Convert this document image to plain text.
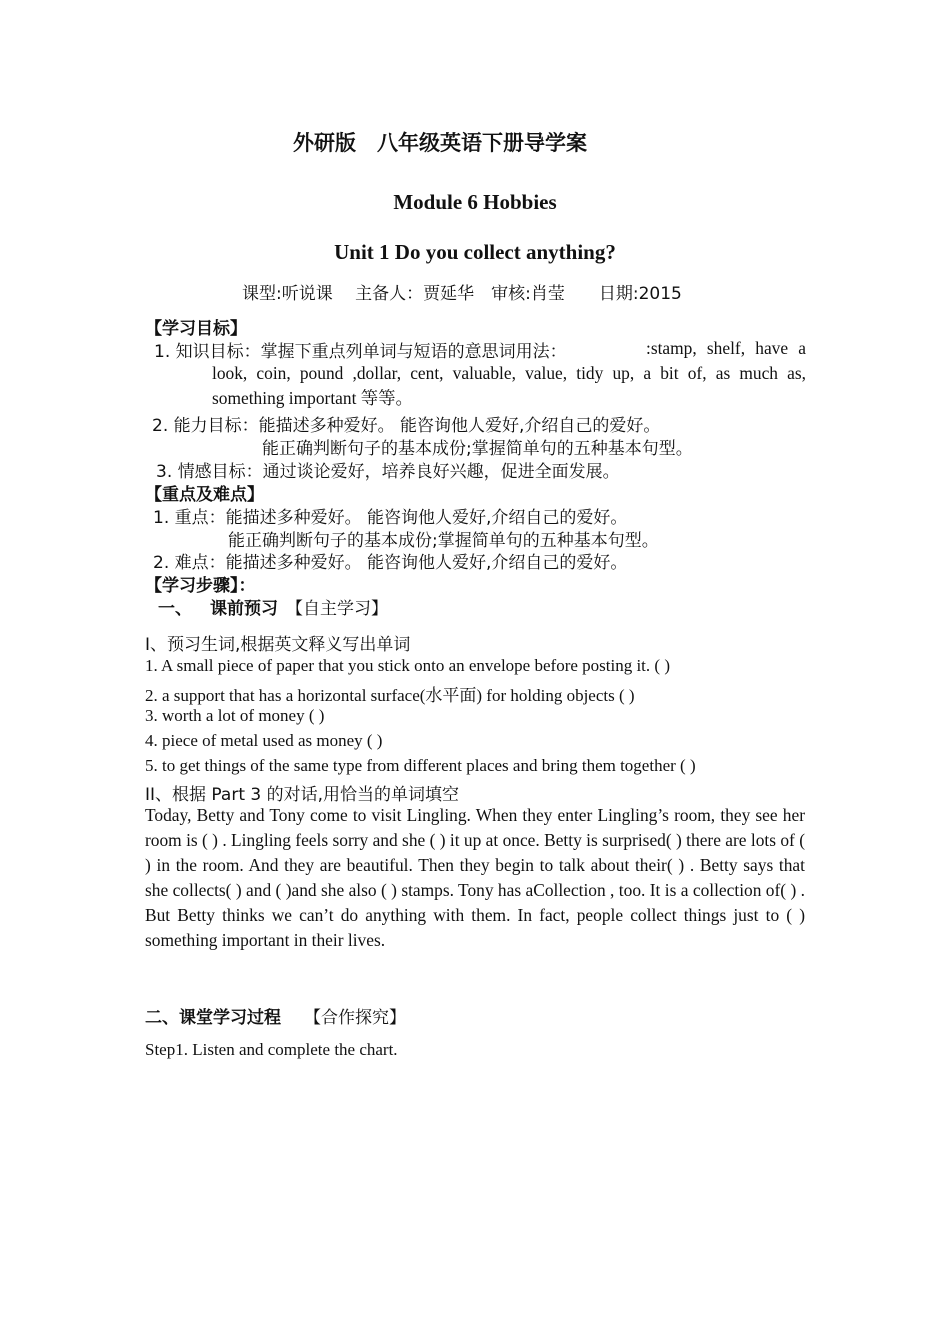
外研版　八年级英语下册导学案
Module 6 Hobbies
Unit 1 Do you collect anything?
课型:听说课　 主备人：贾延华　审核:肖莹　　日期:2015
【学习目标】
1. 知识目标：掌握下重点列单词与短语的意思词用法：	:stamp, shelf, have a look, coin, pound ,dollar, cent, valuable, value, tidy up, a bit of, as much as, something important 等等。
2. 能力目标：能描述多种爱好。 能咨询他人爱好,介绍自己的爱好。
能正确判断句子的基本成份;掌握简单句的五种基本句型。
3. 情感目标：通过谈论爱好，培养良好兴趣，促进全面发展。
【重点及难点】
1. 重点：能描述多种爱好。 能咨询他人爱好,介绍自己的爱好。
能正确判断句子的基本成份;掌握简单句的五种基本句型。
2. 难点：能描述多种爱好。 能咨询他人爱好,介绍自己的爱好。
【学习步骤】：
一、 课前预习 【自主学习】
I、预习生词,根据英文释义写出单词
1. A small piece of paper that you stick onto an envelope before posting it. ( )
2. a support that has a horizontal surface(水平面) for holding objects ( )
3. worth a lot of money ( )
4. piece of metal used as money ( )
5. to get things of the same type from different places and bring them together ( )
II、根据 Part 3 的对话,用恰当的单词填空
Today, Betty and Tony come to visit Lingling. When they enter Lingling’s room, they see her room is ( ) . Lingling feels sorry and she ( ) it up at once. Betty is surprised( ) there are lots of ( ) in the room. And they are beautiful. Then they begin to talk about their( ) . Betty says that she collects( ) and ( )and she also ( ) stamps. Tony has aCollection , too. It is a collection of( ) . But Betty thinks we can’t do anything with them. In fact, people collect things just to ( ) something important in their lives.
二、课堂学习过程 【合作探究】
Step1. Listen and complete the chart.
